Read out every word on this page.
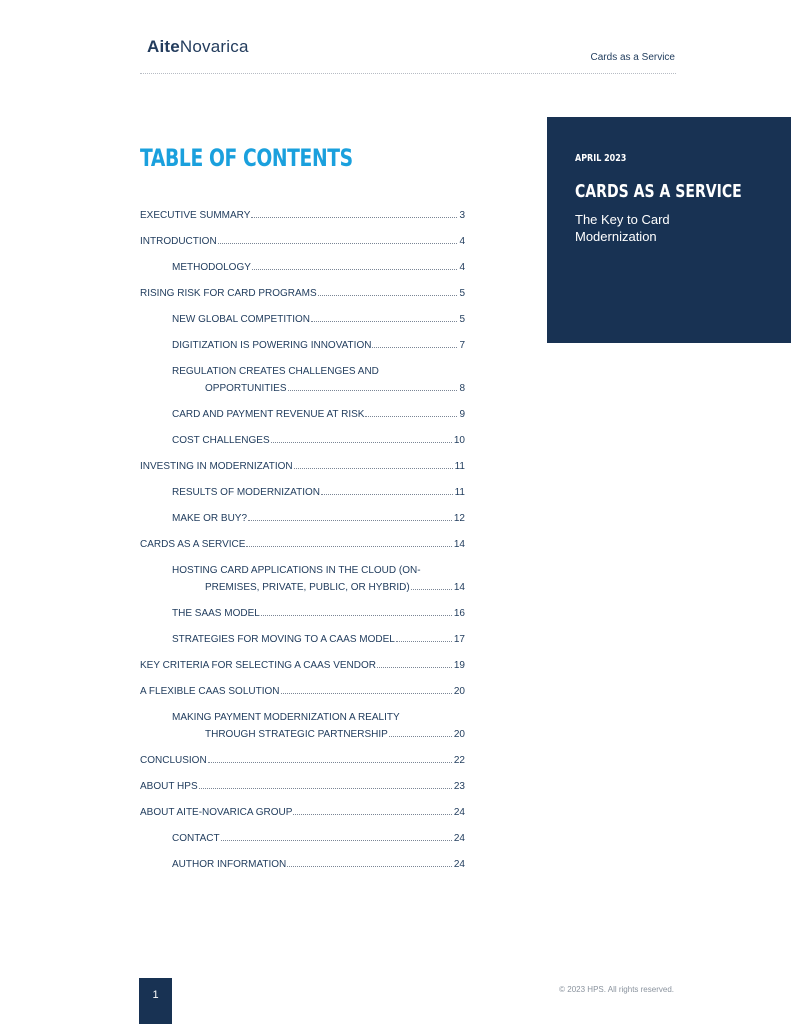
AiteNovarica
Cards as a Service
TABLE OF CONTENTS
EXECUTIVE SUMMARY	3
INTRODUCTION	4
METHODOLOGY	4
RISING RISK FOR CARD PROGRAMS	5
NEW GLOBAL COMPETITION	5
DIGITIZATION IS POWERING INNOVATION	7
REGULATION CREATES CHALLENGES AND
OPPORTUNITIES	8
CARD AND PAYMENT REVENUE AT RISK	9
COST CHALLENGES	10
INVESTING IN MODERNIZATION	11
RESULTS OF MODERNIZATION	11
MAKE OR BUY?	12
CARDS AS A SERVICE	14
HOSTING CARD APPLICATIONS IN THE CLOUD (ON-
PREMISES, PRIVATE, PUBLIC, OR HYBRID)	14
THE SAAS MODEL	16
STRATEGIES FOR MOVING TO A CAAS MODEL	17
KEY CRITERIA FOR SELECTING A CAAS VENDOR	19
A FLEXIBLE CAAS SOLUTION	20
MAKING PAYMENT MODERNIZATION A REALITY
THROUGH STRATEGIC PARTNERSHIP	20
CONCLUSION	22
ABOUT HPS	23
ABOUT AITE-NOVARICA GROUP	24
CONTACT	24
AUTHOR INFORMATION	24
APRIL 2023
CARDS AS A SERVICE
The Key to Card Modernization
1	© 2023 HPS. All rights reserved.
